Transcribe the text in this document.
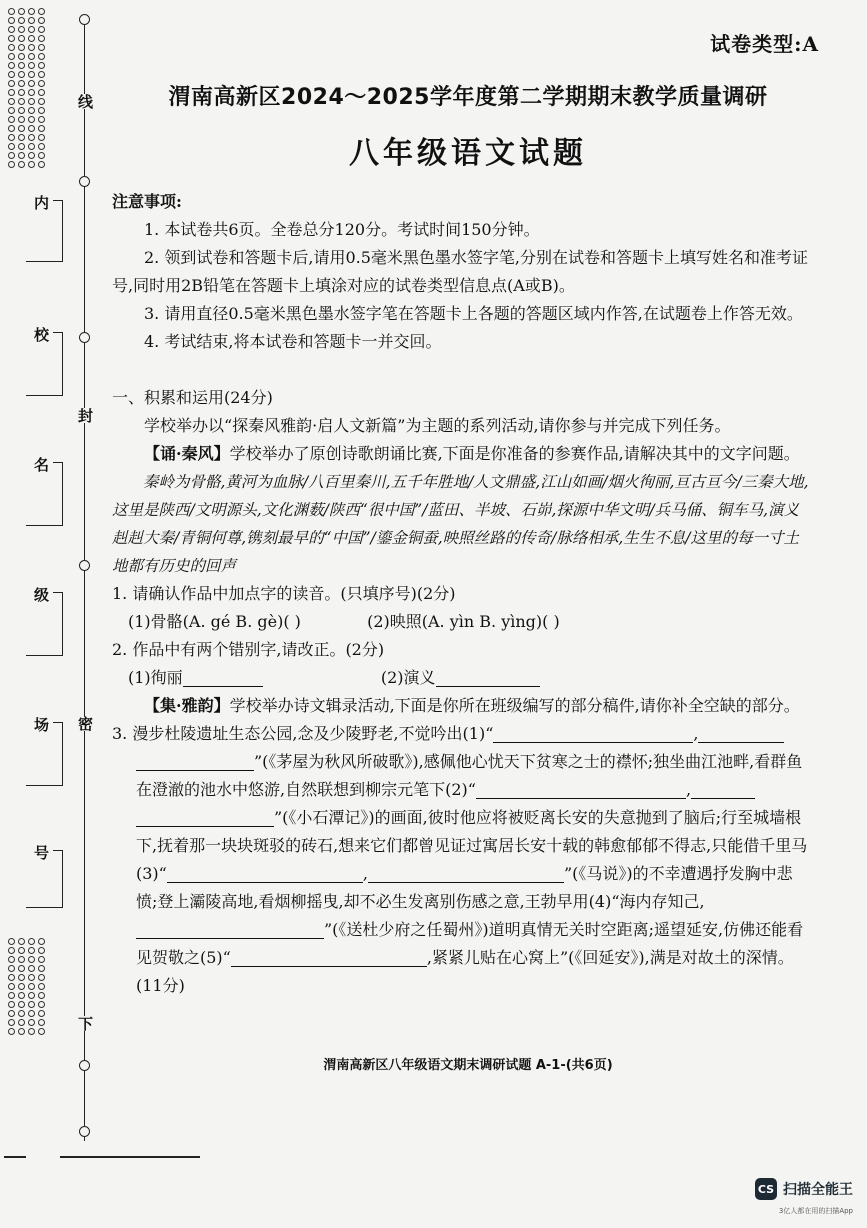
线
封
密
下
内
校
名
级
场
号
试卷类型:A
渭南高新区2024～2025学年度第二学期期末教学质量调研
八年级语文试题

注意事项:

1. 本试卷共6页。全卷总分120分。考试时间150分钟。

2. 领到试卷和答题卡后,请用0.5毫米黑色墨水签字笔,分别在试卷和答题卡上填写姓名和准考证号,同时用2B铅笔在答题卡上填涂对应的试卷类型信息点(A或B)。

3. 请用直径0.5毫米黑色墨水签字笔在答题卡上各题的答题区域内作答,在试题卷上作答无效。

4. 考试结束,将本试卷和答题卡一并交回。

一、积累和运用(24分)

学校举办以“探秦风雅韵·启人文新篇”为主题的系列活动,请你参与并完成下列任务。

【诵·秦风】学校举办了原创诗歌朗诵比赛,下面是你准备的参赛作品,请解决其中的文字问题。

秦岭为骨骼,黄河为血脉/八百里秦川,五千年胜地/人文鼎盛,江山如画/烟火徇丽,亘古亘今/三秦大地,这里是陕西/文明源头,文化渊薮/陕西“很中国”/蓝田、半坡、石峁,探源中华文明/兵马俑、铜车马,演义赳赳大秦/青铜何尊,镌刻最早的“中国”/鎏金铜蚕,映照丝路的传奇/脉络相承,生生不息/这里的每一寸土地都有历史的回声

1. 请确认作品中加点字的读音。(只填序号)(2分)

(1)骨骼(A. gé B. gè)( )	(2)映照(A. yìn B. yìng)( )

2. 作品中有两个错别字,请改正。(2分)

(1)徇丽	(2)演义

【集·雅韵】学校举办诗文辑录活动,下面是你所在班级编写的部分稿件,请你补全空缺的部分。

3. 漫步杜陵遗址生态公园,念及少陵野老,不觉吟出(1)“	,
”(《茅屋为秋风所破歌》),感佩他心忧天下贫寒之士的襟怀;独坐曲江池畔,看群鱼在澄澈的池水中悠游,自然联想到柳宗元笔下(2)“	,
”(《小石潭记》)的画面,彼时他应将被贬离长安的失意抛到了脑后;行至城墙根下,抚着那一块块斑驳的砖石,想来它们都曾见证过寓居长安十载的韩愈郁郁不得志,只能借千里马(3)“	,	”(《马说》)的不幸遭遇抒发胸中悲愤;登上灞陵高地,看烟柳摇曳,却不必生发离别伤感之意,王勃早用(4)“海内存知己,”(《送杜少府之任蜀州》)道明真情无关时空距离;遥望延安,仿佛还能看见贺敬之(5)“	,紧紧儿贴在心窝上”(《回延安》),满是对故土的深情。(11分)

渭南高新区八年级语文期末调研试题 A-1-(共6页)
CS 扫描全能王
3亿人都在用的扫描App
